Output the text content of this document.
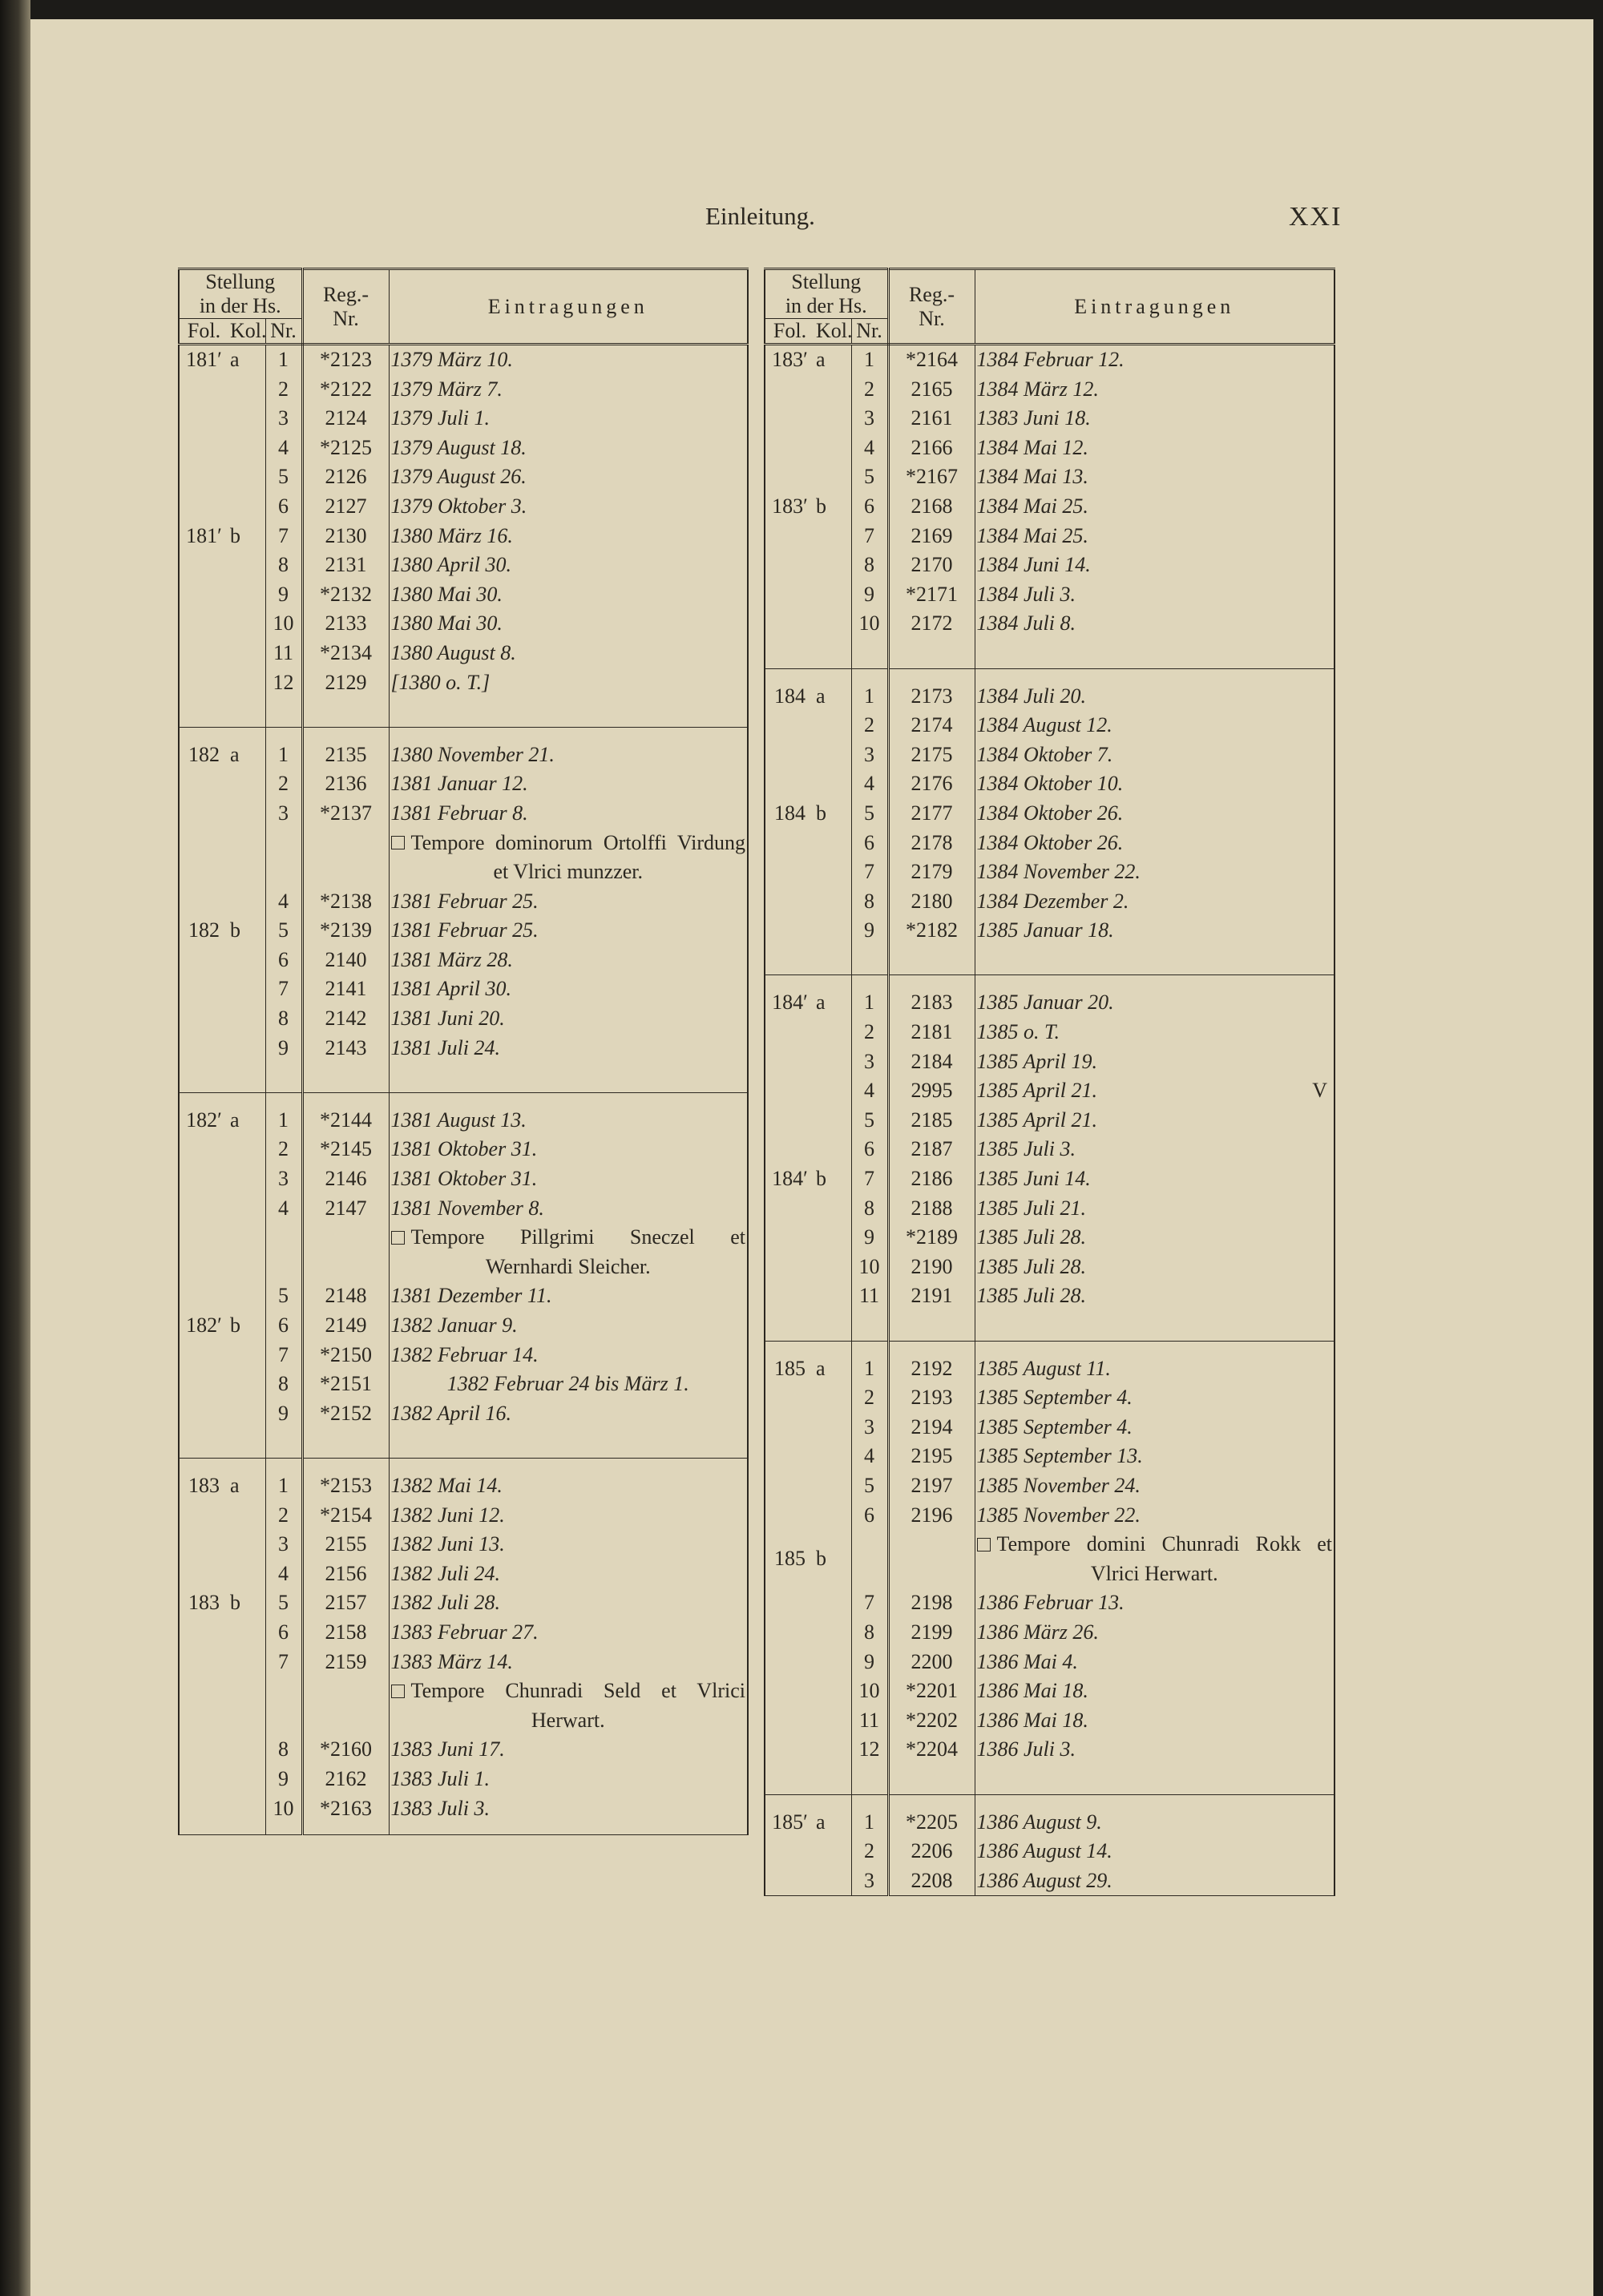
Einleitung.	XXI
Stellung
in der Hs.			Reg.-
Nr.	Eintragungen
Fol.	Kol.	Nr.		
181′	a	1	*2123	1379 März 10.
		2	*2122	1379 März 7.
		3	2124	1379 Juli 1.
		4	*2125	1379 August 18.
		5	2126	1379 August 26.
		6	2127	1379 Oktober 3.
181′	b	7	2130	1380 März 16.
		8	2131	1380 April 30.
		9	*2132	1380 Mai 30.
		10	2133	1380 Mai 30.
		11	*2134	1380 August 8.
		12	2129	[1380 o. T.]

182	a	1	2135	1380 November 21.
		2	2136	1381 Januar 12.
		3	*2137	1381 Februar 8.
				Tempore dominorum Ortolffi Virdung et Vlrici munzzer.
		4	*2138	1381 Februar 25.
182	b	5	*2139	1381 Februar 25.
		6	2140	1381 März 28.
		7	2141	1381 April 30.
		8	2142	1381 Juni 20.
		9	2143	1381 Juli 24.

182′	a	1	*2144	1381 August 13.
		2	*2145	1381 Oktober 31.
		3	2146	1381 Oktober 31.
		4	2147	1381 November 8.
				Tempore Pillgrimi Sneczel et Wernhardi Sleicher.
		5	2148	1381 Dezember 11.
182′	b	6	2149	1382 Januar 9.
		7	*2150	1382 Februar 14.
		8	*2151	1382 Februar 24 bis März 1.
		9	*2152	1382 April 16.

183	a	1	*2153	1382 Mai 14.
		2	*2154	1382 Juni 12.
		3	2155	1382 Juni 13.
		4	2156	1382 Juli 24.
183	b	5	2157	1382 Juli 28.
		6	2158	1383 Februar 27.
		7	2159	1383 März 14.
				Tempore Chunradi Seld et Vlrici Herwart.
		8	*2160	1383 Juni 17.
		9	2162	1383 Juli 1.
		10	*2163	1383 Juli 3.

Stellung
in der Hs.			Reg.-
Nr.	Eintragungen
Fol.	Kol.	Nr.		
183′	a	1	*2164	1384 Februar 12.
		2	2165	1384 März 12.
		3	2161	1383 Juni 18.
		4	2166	1384 Mai 12.
		5	*2167	1384 Mai 13.
183′	b	6	2168	1384 Mai 25.
		7	2169	1384 Mai 25.
		8	2170	1384 Juni 14.
		9	*2171	1384 Juli 3.
		10	2172	1384 Juli 8.

184	a	1	2173	1384 Juli 20.
		2	2174	1384 August 12.
		3	2175	1384 Oktober 7.
		4	2176	1384 Oktober 10.
184	b	5	2177	1384 Oktober 26.
		6	2178	1384 Oktober 26.
		7	2179	1384 November 22.
		8	2180	1384 Dezember 2.
		9	*2182	1385 Januar 18.

184′	a	1	2183	1385 Januar 20.
		2	2181	1385 o. T.
		3	2184	1385 April 19.
		4	2995	1385 April 21. V

		5	2185	1385 April 21.
		6	2187	1385 Juli 3.
184′	b	7	2186	1385 Juni 14.
		8	2188	1385 Juli 21.
		9	*2189	1385 Juli 28.
		10	2190	1385 Juli 28.
		11	2191	1385 Juli 28.

185	a	1	2192	1385 August 11.
		2	2193	1385 September 4.
		3	2194	1385 September 4.
		4	2195	1385 September 13.
		5	2197	1385 November 24.
		6	2196	1385 November 22.
185	b			Tempore domini Chunradi Rokk et Vlrici Herwart.
		7	2198	1386 Februar 13.
		8	2199	1386 März 26.
		9	2200	1386 Mai 4.
		10	*2201	1386 Mai 18.
		11	*2202	1386 Mai 18.
		12	*2204	1386 Juli 3.

185′	a	1	*2205	1386 August 9.
		2	2206	1386 August 14.
		3	2208	1386 August 29.
